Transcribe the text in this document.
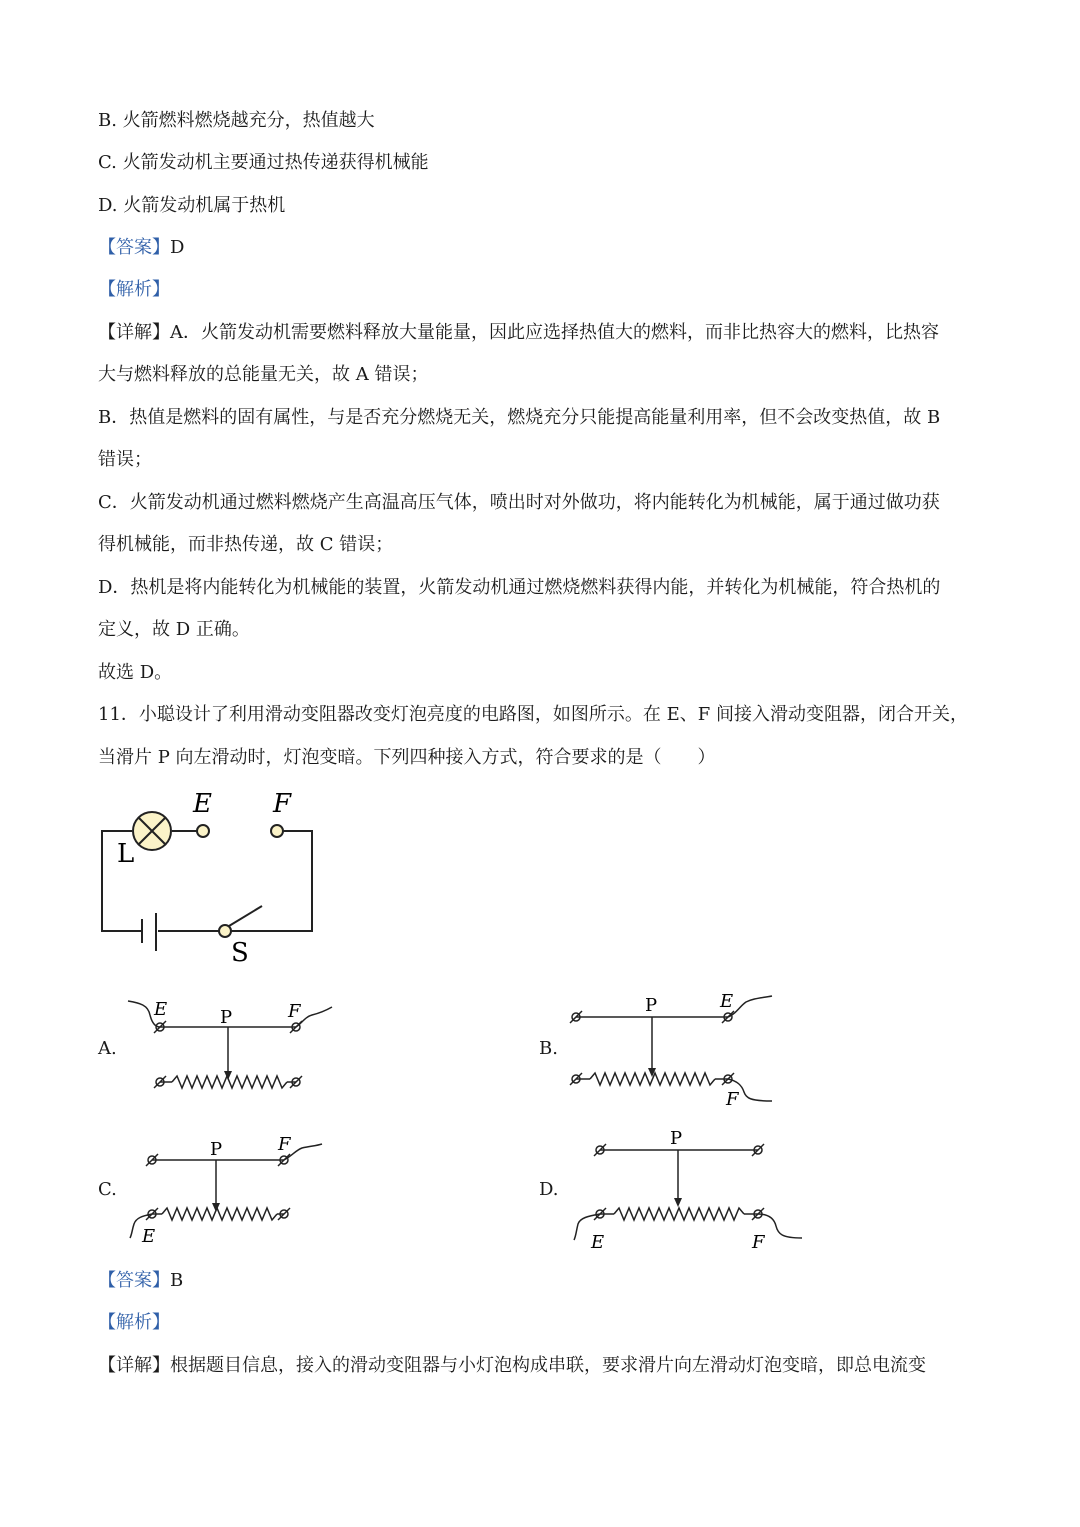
B. 火箭燃料燃烧越充分，热值越大
C. 火箭发动机主要通过热传递获得机械能
D. 火箭发动机属于热机
【答案】D
【解析】
【详解】A．火箭发动机需要燃料释放大量能量，因此应选择热值大的燃料，而非比热容大的燃料，比热容
大与燃料释放的总能量无关，故 A 错误；
B．热值是燃料的固有属性，与是否充分燃烧无关，燃烧充分只能提高能量利用率，但不会改变热值，故 B
错误；
C．火箭发动机通过燃料燃烧产生高温高压气体，喷出时对外做功，将内能转化为机械能，属于通过做功获
得机械能，而非热传递，故 C 错误；
D．热机是将内能转化为机械能的装置，火箭发动机通过燃烧燃料获得内能，并转化为机械能，符合热机的
定义，故 D 正确。
故选 D。
11．小聪设计了利用滑动变阻器改变灯泡亮度的电路图，如图所示。在 E、F 间接入滑动变阻器，闭合开关，
当滑片 P 向左滑动时，灯泡变暗。下列四种接入方式，符合要求的是（　　）
E F
L
S
A.	B.
C.	D.
E	P	F	P	E
F
P	F
E
P
E	F
【答案】B
【解析】
【详解】根据题目信息，接入的滑动变阻器与小灯泡构成串联，要求滑片向左滑动灯泡变暗，即总电流变
